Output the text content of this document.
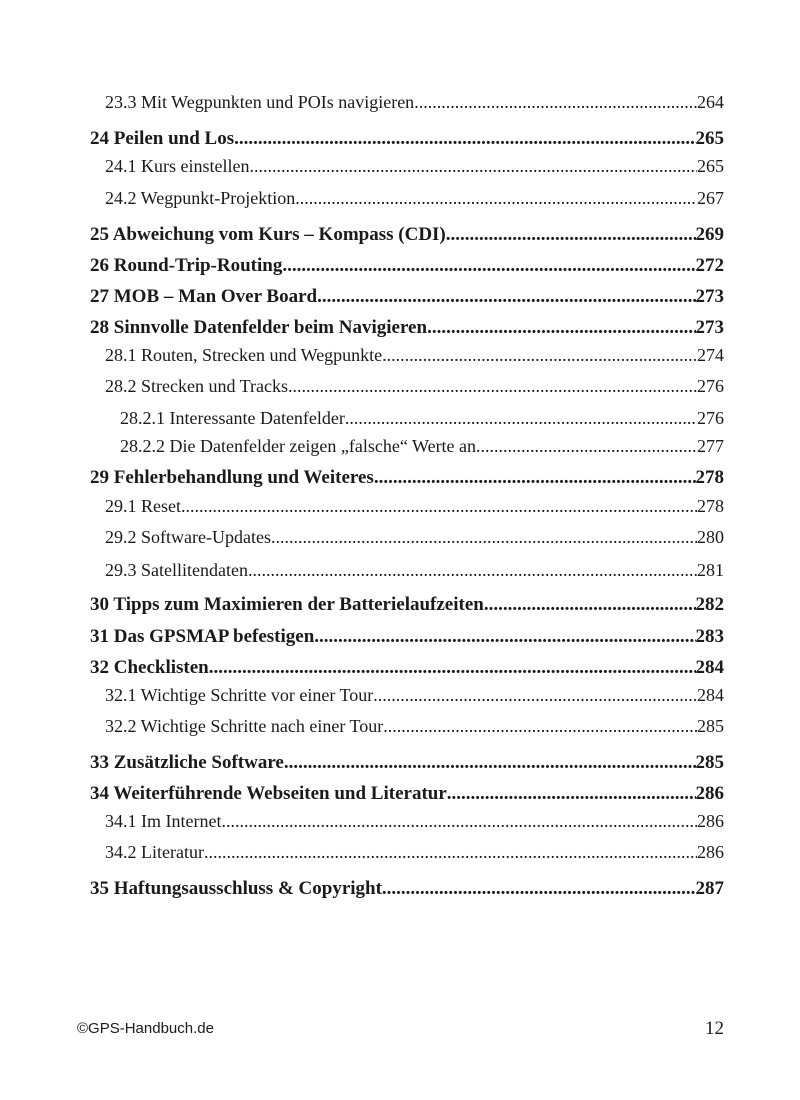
23.3 Mit Wegpunkten und POIs navigieren .....	264
24 Peilen und Los .....	265
24.1 Kurs einstellen .....	265
24.2 Wegpunkt-Projektion .....	267
25 Abweichung vom Kurs – Kompass (CDI) .....	269
26 Round-Trip-Routing .....	272
27 MOB – Man Over Board .....	273
28 Sinnvolle Datenfelder beim Navigieren .....	273
28.1 Routen, Strecken und Wegpunkte .....	274
28.2 Strecken und Tracks .....	276
28.2.1 Interessante Datenfelder .....	276
28.2.2 Die Datenfelder zeigen „falsche“ Werte an .....	277
29 Fehlerbehandlung und Weiteres .....	278
29.1 Reset .....	278
29.2 Software-Updates .....	280
29.3 Satellitendaten .....	281
30 Tipps zum Maximieren der Batterielaufzeiten .....	282
31 Das GPSMAP befestigen .....	283
32 Checklisten .....	284
32.1 Wichtige Schritte vor einer Tour .....	284
32.2 Wichtige Schritte nach einer Tour .....	285
33 Zusätzliche Software .....	285
34 Weiterführende Webseiten und Literatur .....	286
34.1 Im Internet .....	286
34.2 Literatur .....	286
35 Haftungsausschluss & Copyright .....	287
©GPS-Handbuch.de	12
